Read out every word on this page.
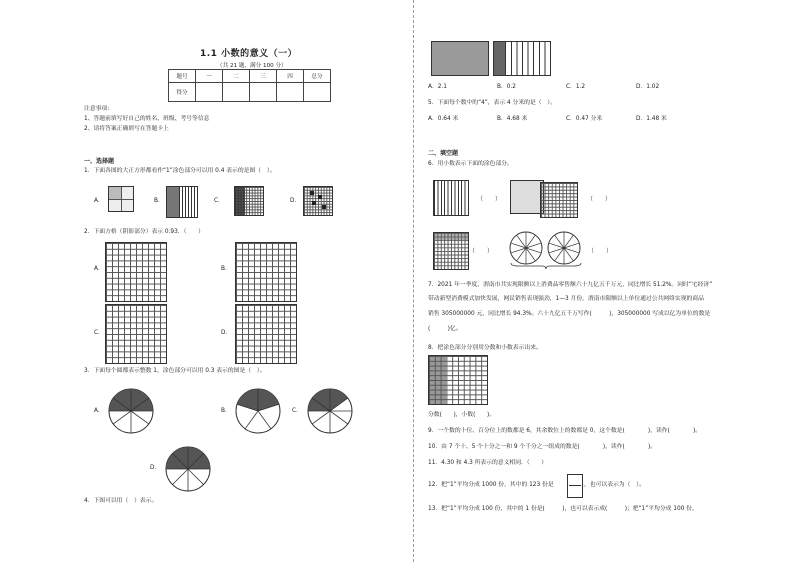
1.1 小数的意义（一）
（共 21 题，满分 100 分）
题号	一	二	三	四	总分
得分					
注意事项：
1、答题前填写好自己的姓名、班级、考号等信息
2、请将答案正确填写在答题卡上
一、选择题
1．下面各图的大正方形都看作“1”涂色部分可以用 0.4 表示的是图（　）。
A．	B．	C．	D．
2．下面方格（阴影部分）表示 0.93．（　　）
A．	B．
C．	D．
3．下面每个圆都表示整数 1，涂色部分可以用 0.3 表示的图是（　）。
A．	B．	C．
D．
4．下图可以用（　）表示。
A．2.1	B．0.2	C．1.2	D．1.02
5．下面每个数中的“4”，表示 4 分米的是（　）。
A．0.64 米	B．4.68 米	C．0.47 分米	D．1.48 米
二、填空题
6．用小数表示下面的涂色部分。
（　　）	（　　）
（　　）	（　　）
7．2021 年一季度，渭南市共实现限额以上消费品零售额六十九亿五千万元，同比增长 51.2%。同时“宅经济”
带动新型消费模式加快发展，网民销售表现强劲，1—3 月份，渭南市限额以上单位通过公共网络实现的商品
销售 305000000 元，同比增长 94.3%。六十九亿五千万写作(　　　)，305000000 写成以亿为单位的数是
(　　　)亿。
8．把涂色部分分别用分数和小数表示出来。
分数(　　)，小数(　　)。
9．一个数的十位、百分位上的数都是 6，其余数位上的数都是 0，这个数是(　　　　)，读作(　　　　)。
10．由 7 个十、5 个十分之一和 9 个千分之一组成的数是(　　　　)，读作(　　　　)。
11．4.30 和 4.3 所表示的意义相同．（　　）
12．把“1”平均分成 1000 份，其中的 123 份是	，也可以表示为（　）。
13．把“1”平均分成 100 份，其中的 1 份是(　　　)，也可以表示成(　　　)；把“1”平均分成 100 份，
